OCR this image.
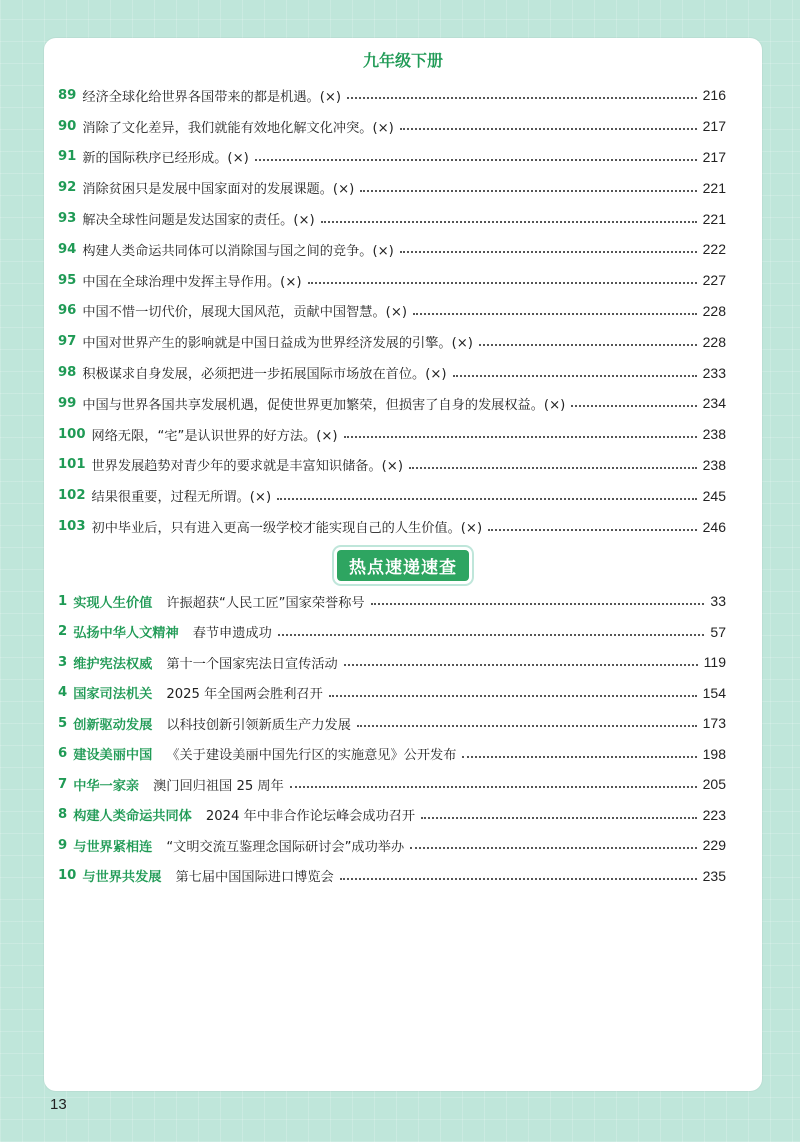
九年级下册
89 经济全球化给世界各国带来的都是机遇。(×)	216
90 消除了文化差异，我们就能有效地化解文化冲突。(×)	217
91 新的国际秩序已经形成。(×)	217
92 消除贫困只是发展中国家面对的发展课题。(×)	221
93 解决全球性问题是发达国家的责任。(×)	221
94 构建人类命运共同体可以消除国与国之间的竞争。(×)	222
95 中国在全球治理中发挥主导作用。(×)	227
96 中国不惜一切代价，展现大国风范，贡献中国智慧。(×)	228
97 中国对世界产生的影响就是中国日益成为世界经济发展的引擎。(×)	228
98 积极谋求自身发展，必须把进一步拓展国际市场放在首位。(×)	233
99 中国与世界各国共享发展机遇，促使世界更加繁荣，但损害了自身的发展权益。(×)	234
100 网络无限，“宅”是认识世界的好方法。(×)	238
101 世界发展趋势对青少年的要求就是丰富知识储备。(×)	238
102 结果很重要，过程无所谓。(×)	245
103 初中毕业后，只有进入更高一级学校才能实现自己的人生价值。(×)	246
热点速递速查
1 实现人生价值 许振超获“人民工匠”国家荣誉称号	33
2 弘扬中华人文精神 春节申遗成功	57
3 维护宪法权威 第十一个国家宪法日宣传活动	119
4 国家司法机关 2025 年全国两会胜利召开	154
5 创新驱动发展 以科技创新引领新质生产力发展	173
6 建设美丽中国 《关于建设美丽中国先行区的实施意见》公开发布	198
7 中华一家亲 澳门回归祖国 25 周年	205
8 构建人类命运共同体 2024 年中非合作论坛峰会成功召开	223
9 与世界紧相连 “文明交流互鉴理念国际研讨会”成功举办	229
10 与世界共发展 第七届中国国际进口博览会	235
13
